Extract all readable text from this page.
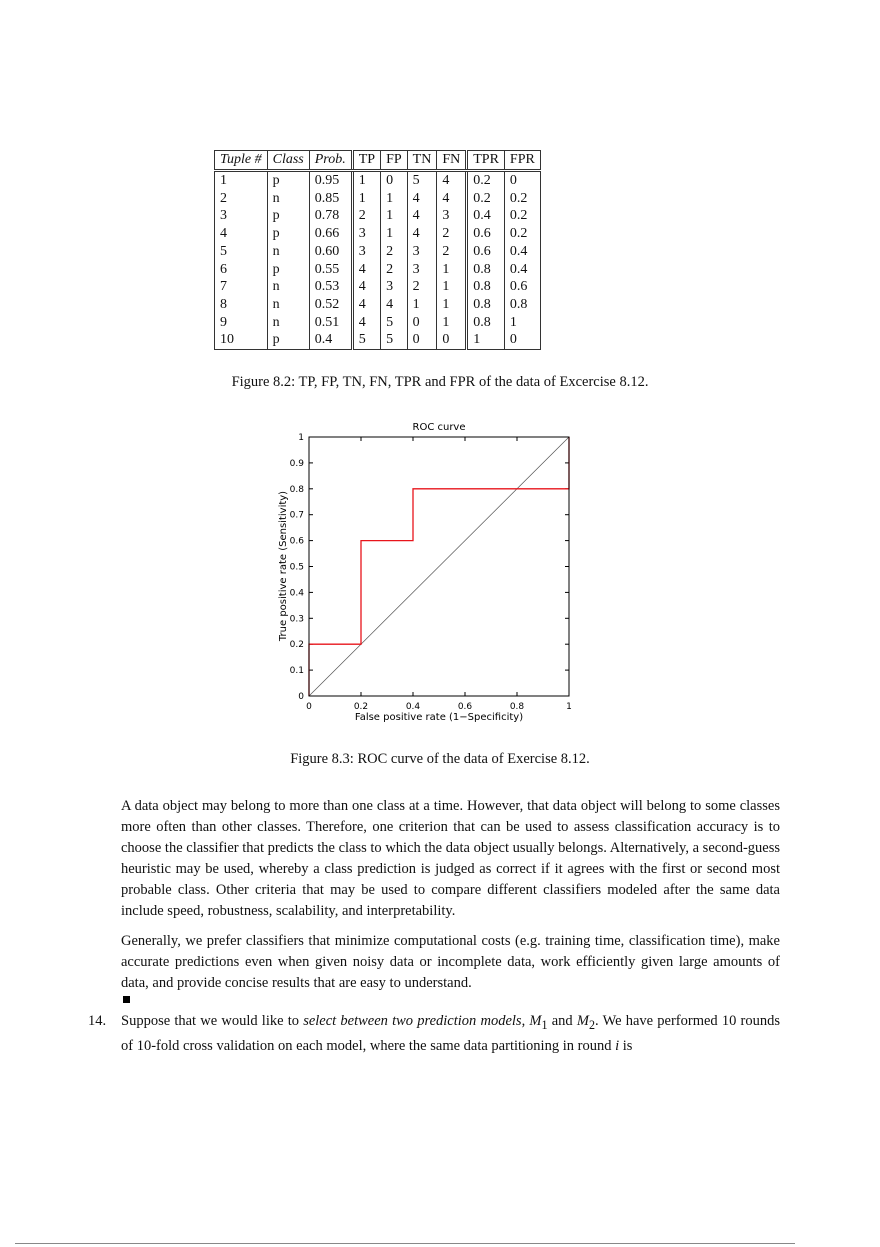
Tuple #	Class	Prob.	TP	FP	TN	FN	TPR	FPR
1	p	0.95	1	0	5	4	0.2	0
2	n	0.85	1	1	4	4	0.2	0.2
3	p	0.78	2	1	4	3	0.4	0.2
4	p	0.66	3	1	4	2	0.6	0.2
5	n	0.60	3	2	3	2	0.6	0.4
6	p	0.55	4	2	3	1	0.8	0.4
7	n	0.53	4	3	2	1	0.8	0.6
8	n	0.52	4	4	1	1	0.8	0.8
9	n	0.51	4	5	0	1	0.8	1
10	p	0.4	5	5	0	0	1	0
Figure 8.2: TP, FP, TN, FN, TPR and FPR of the data of Excercise 8.12.
ROC curve
0	0.2	0.4	0.6	0.8	1
0
0.1
0.2
0.3
0.4
0.5
0.6
0.7
0.8
0.9
1
False positive rate (1−Specificity)
True positive rate (Sensitivity)
Figure 8.3: ROC curve of the data of Exercise 8.12.
A data object may belong to more than one class at a time. However, that data object will belong to some classes more often than other classes. Therefore, one criterion that can be used to assess classification accuracy is to choose the classifier that predicts the class to which the data object usually belongs. Alternatively, a second-guess heuristic may be used, whereby a class prediction is judged as correct if it agrees with the first or second most probable class. Other criteria that may be used to compare different classifiers modeled after the same data include speed, robustness, scalability, and interpretability.
Generally, we prefer classifiers that minimize computational costs (e.g. training time, classification time), make accurate predictions even when given noisy data or incomplete data, work efficiently given large amounts of data, and provide concise results that are easy to understand.
14. Suppose that we would like to select between two prediction models, $M_1$ and $M_2$. We have performed 10 rounds of 10-fold cross validation on each model, where the same data partitioning in round i is
